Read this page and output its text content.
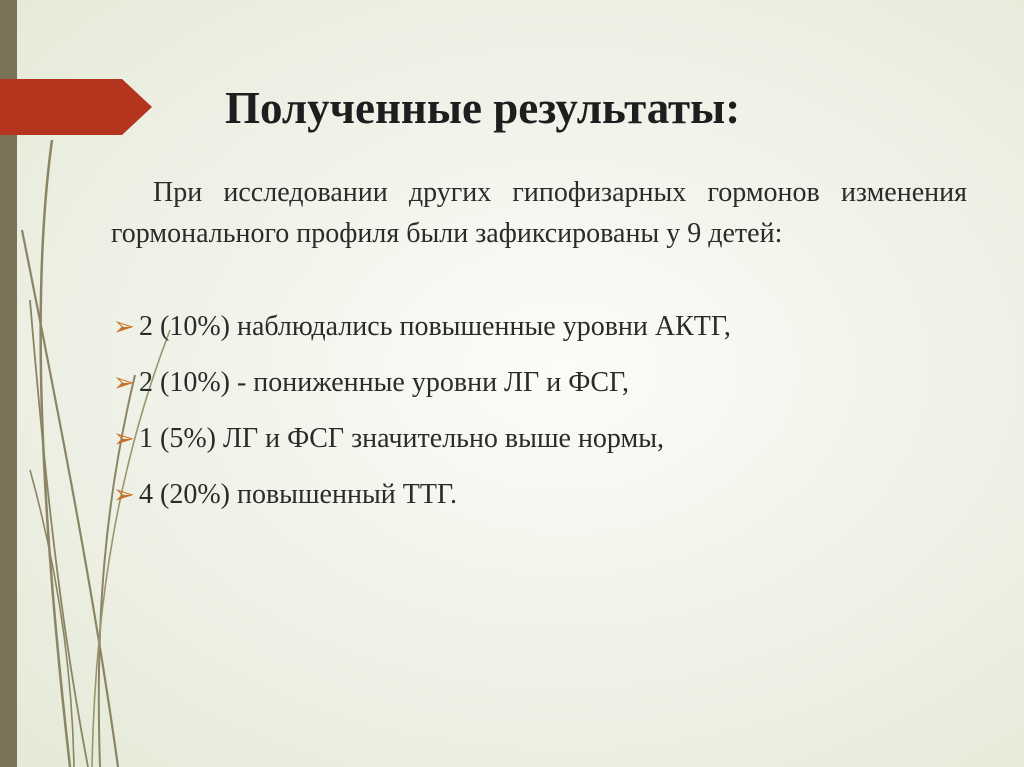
Полученные результаты:

При исследовании других гипофизарных гормонов изменения гормонального профиля были зафиксированы у 9 детей:

➢ 2 (10%) наблюдались повышенные уровни АКТГ,
➢ 2 (10%) - пониженные уровни ЛГ и ФСГ,
➢ 1 (5%) ЛГ и ФСГ значительно выше нормы,
➢ 4 (20%) повышенный ТТГ.
